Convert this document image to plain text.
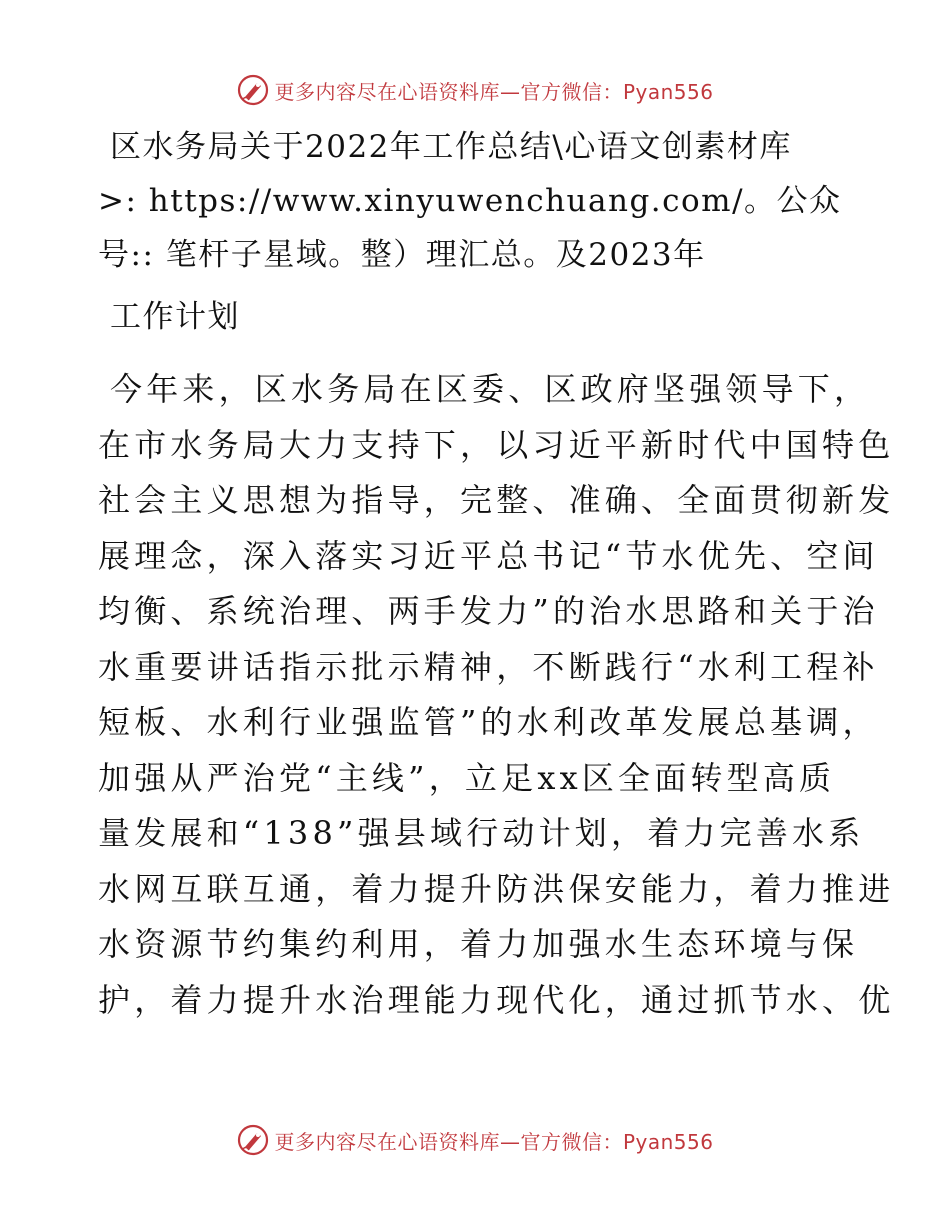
更多内容尽在心语资料库—官方微信：Pyan556
区水务局关于2022年工作总结\心语文创素材库
>: https://www.xinyuwenchuang.com/。公众
号:: 笔杆子星域。整）理汇总。及2023年
工作计划
今年来，区水务局在区委、区政府坚强领导下，
在市水务局大力支持下，以习近平新时代中国特色
社会主义思想为指导，完整、准确、全面贯彻新发
展理念，深入落实习近平总书记“节水优先、空间
均衡、系统治理、两手发力”的治水思路和关于治
水重要讲话指示批示精神，不断践行“水利工程补
短板、水利行业强监管”的水利改革发展总基调，
加强从严治党“主线”，立足xx区全面转型高质
量发展和“138”强县域行动计划，着力完善水系
水网互联互通，着力提升防洪保安能力，着力推进
水资源节约集约利用，着力加强水生态环境与保
护，着力提升水治理能力现代化，通过抓节水、优
更多内容尽在心语资料库—官方微信：Pyan556
